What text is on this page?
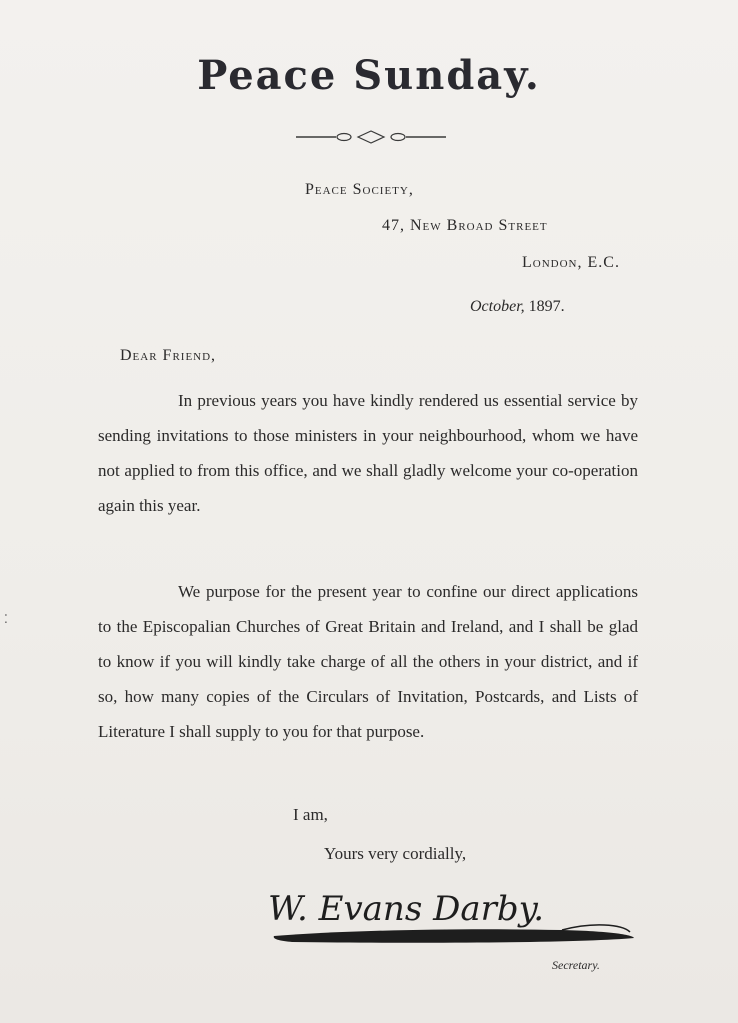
Peace Sunday.
Peace Society,
47, New Broad Street
London, E.C.
October, 1897.
Dear Friend,
In previous years you have kindly rendered us essential service by sending invitations to those ministers in your neighbourhood, whom we have not applied to from this office, and we shall gladly welcome your co-operation again this year.
We purpose for the present year to confine our direct applications to the Episcopalian Churches of Great Britain and Ireland, and I shall be glad to know if you will kindly take charge of all the others in your district, and if so, how many copies of the Circulars of Invitation, Postcards, and Lists of Literature I shall supply to you for that purpose.
I am,
Yours very cordially,
W. Evans Darby.
Secretary.
⁚
